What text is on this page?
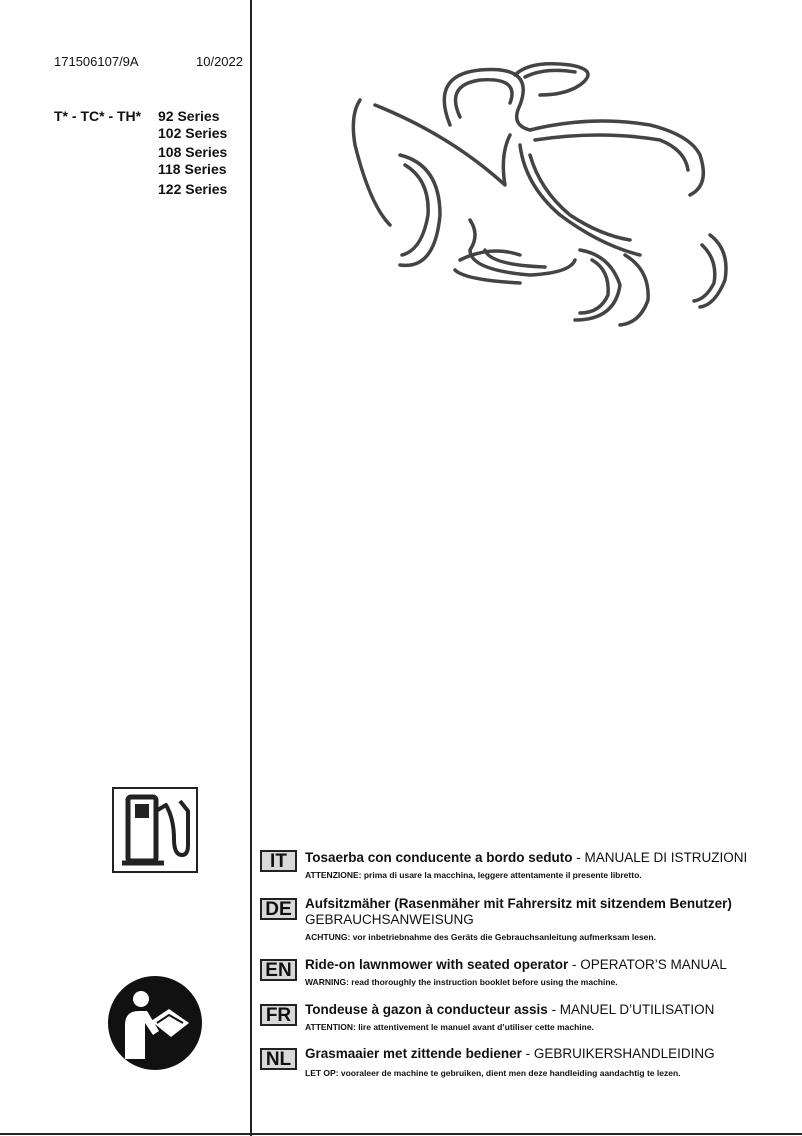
171506107/9A	10/2022
T* - TC* - TH* 92 Series
102 Series
108 Series
118 Series
122 Series
IT	Tosaerba con conducente a bordo seduto - MANUALE DI ISTRUZIONI
ATTENZIONE: prima di usare la macchina, leggere attentamente il presente libretto.
DE Aufsitzmäher (Rasenmäher mit Fahrersitz mit sitzendem Benutzer)
GEBRAUCHSANWEISUNG
ACHTUNG: vor inbetriebnahme des Geräts die Gebrauchsanleitung aufmerksam lesen.
EN Ride-on lawnmower with seated operator - OPERATOR’S MANUAL
WARNING: read thoroughly the instruction booklet before using the machine.
FR	Tondeuse à gazon à conducteur assis - MANUEL D’UTILISATION
ATTENTION: lire attentivement le manuel avant d’utiliser cette machine.
NL	Grasmaaier met zittende bediener - GEBRUIKERSHANDLEIDING
LET OP: vooraleer de machine te gebruiken, dient men deze handleiding aandachtig te lezen.
